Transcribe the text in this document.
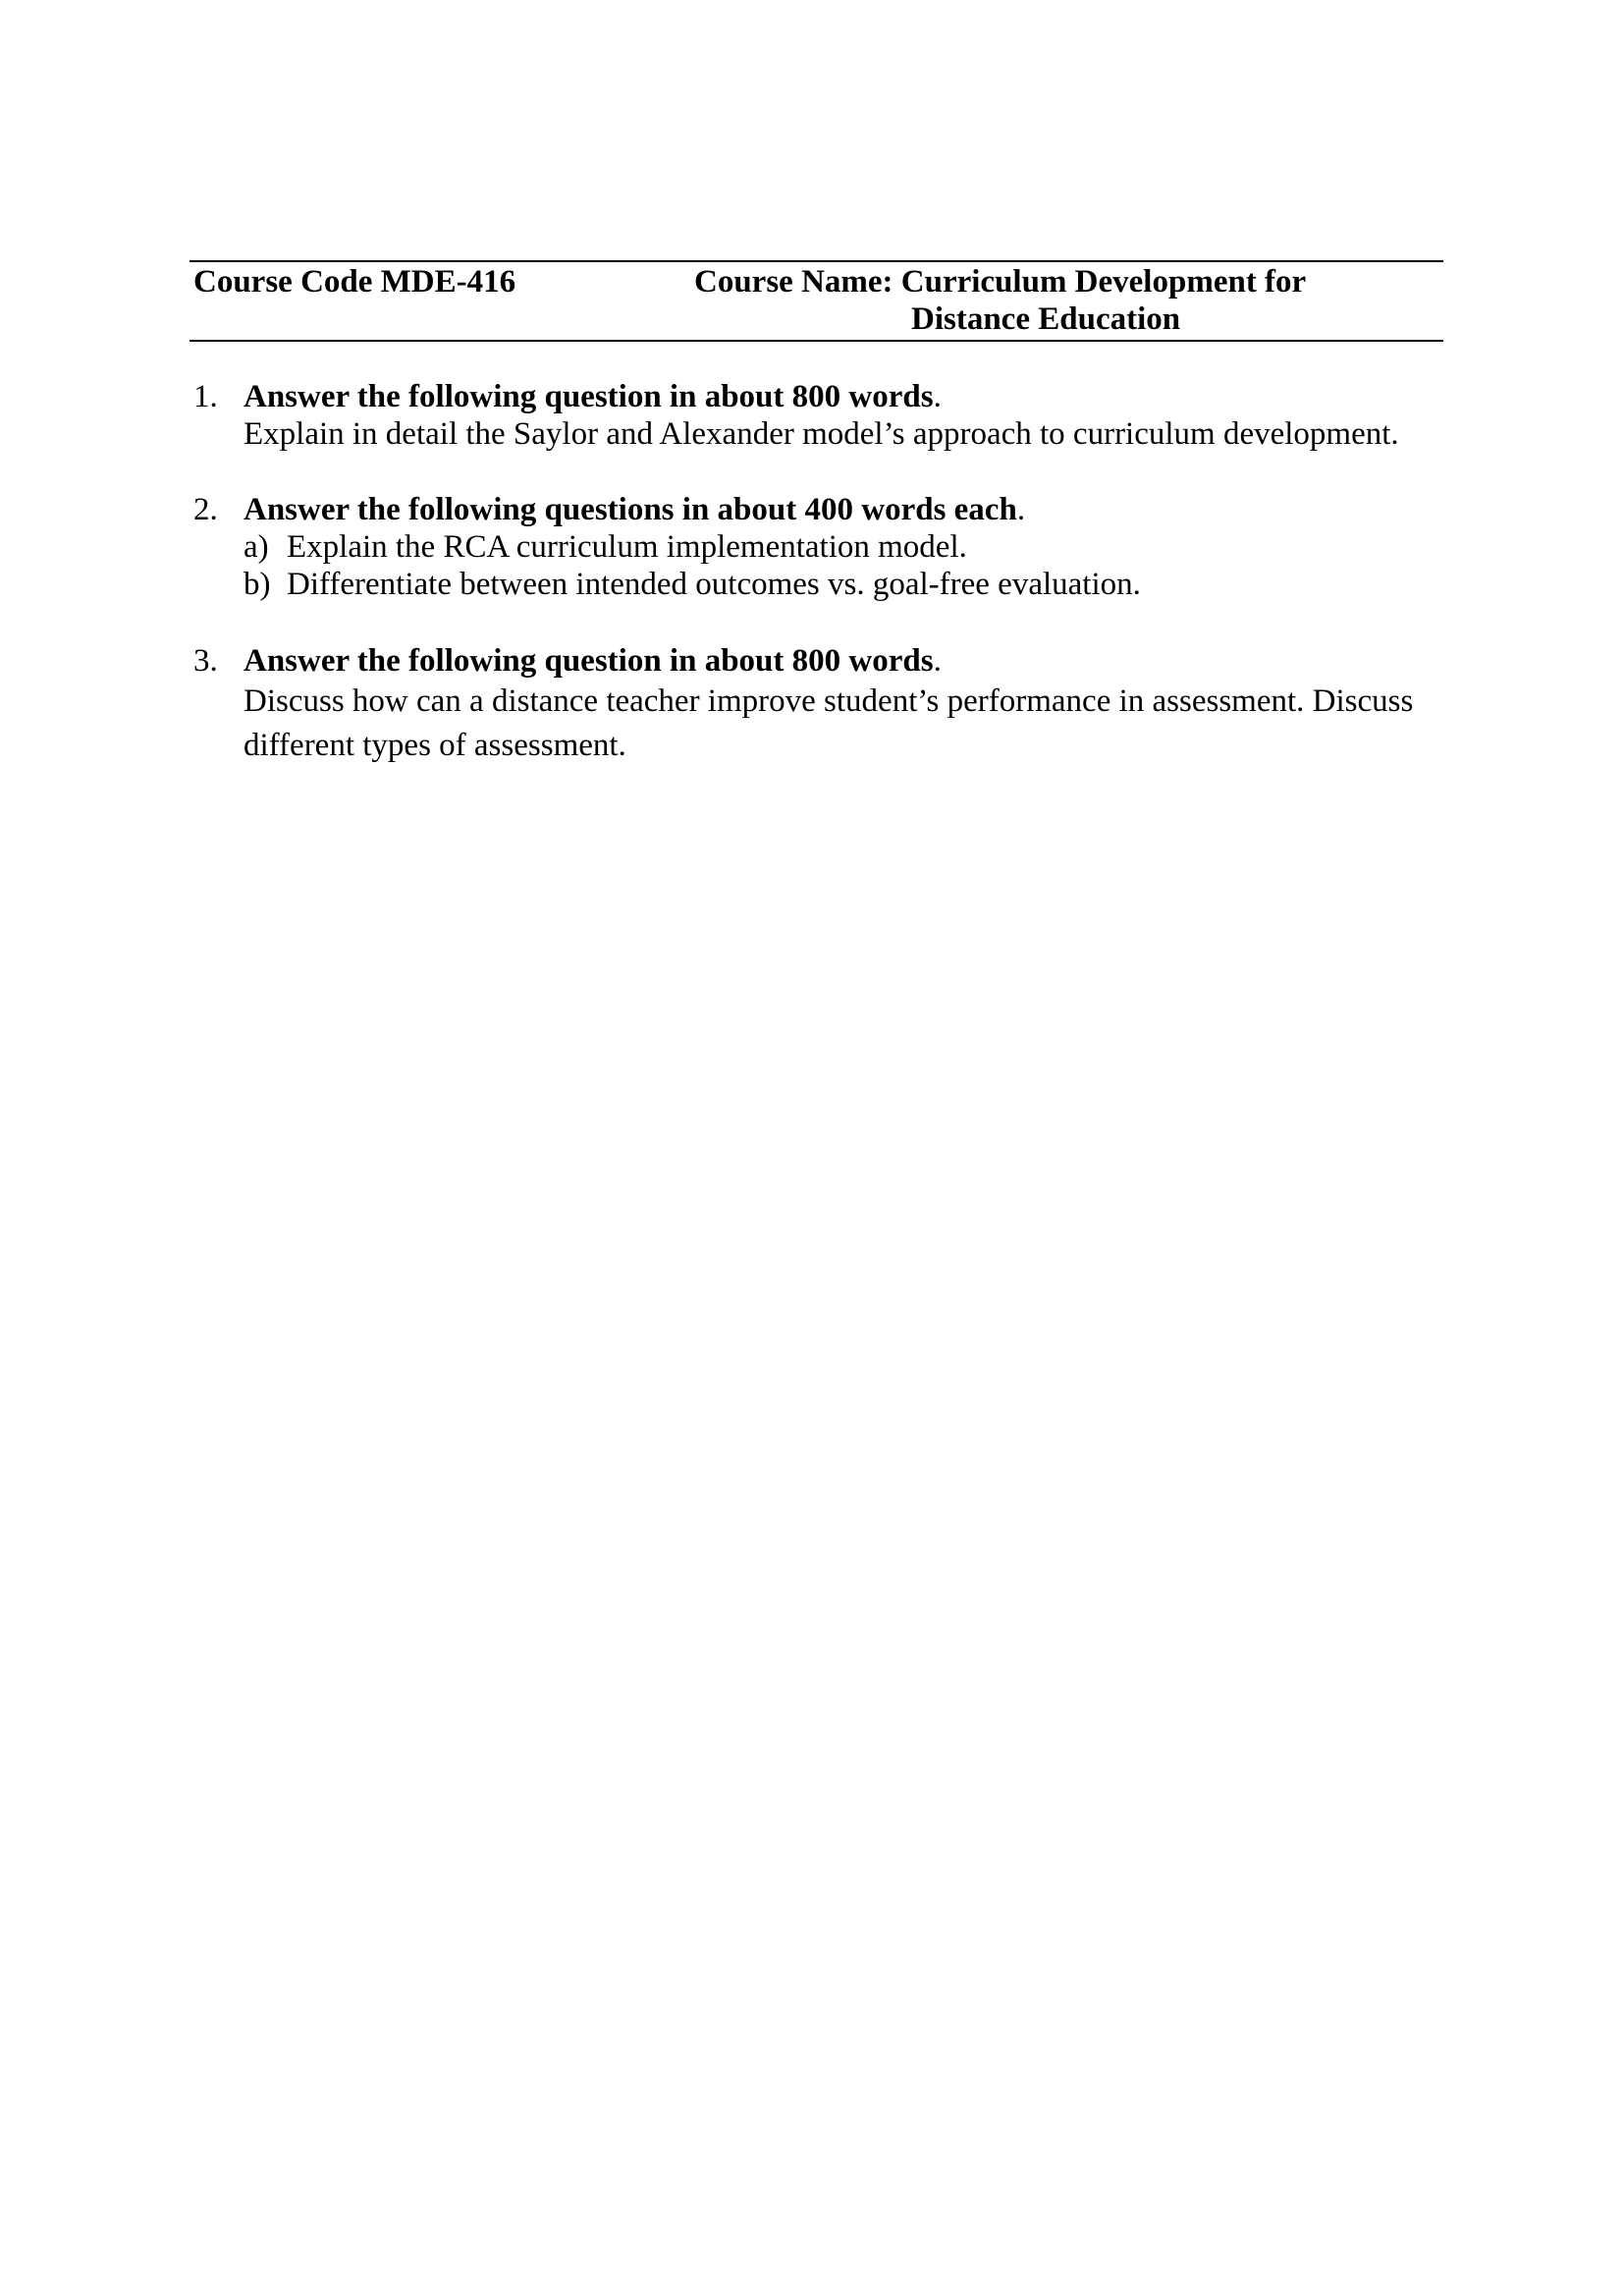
Course Code MDE-416	Course Name: Curriculum Development for
Distance Education
1. Answer the following question in about 800 words.
Explain in detail the Saylor and Alexander model’s approach to curriculum development.
2. Answer the following questions in about 400 words each.
a) Explain the RCA curriculum implementation model.
b) Differentiate between intended outcomes vs. goal-free evaluation.
3. Answer the following question in about 800 words.
Discuss how can a distance teacher improve student’s performance in assessment. Discuss different types of assessment.
